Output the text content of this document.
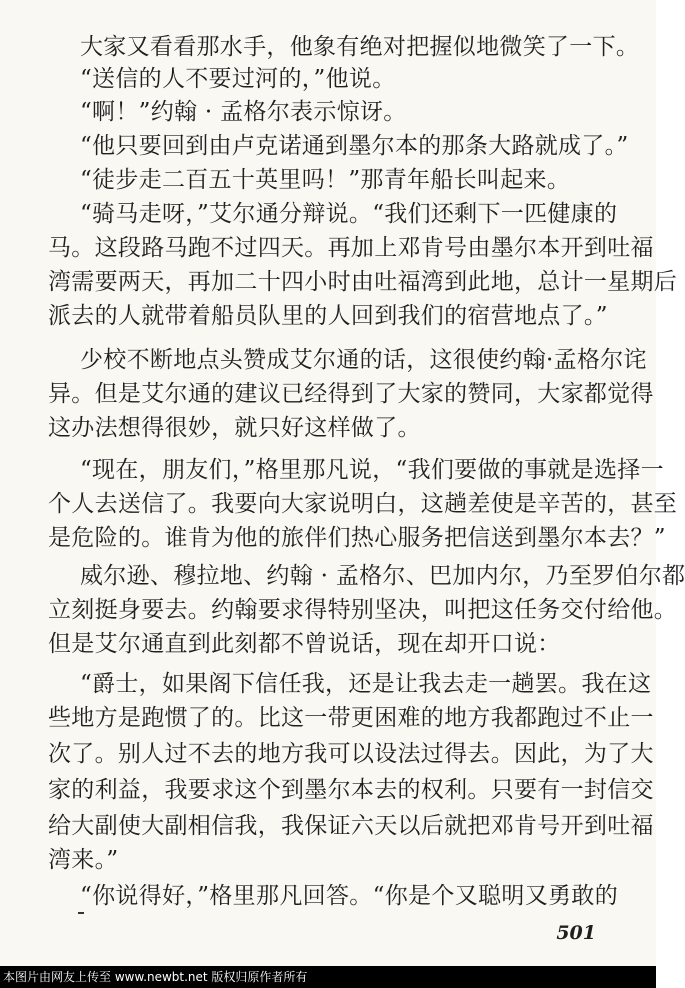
大家又看看那水手，他象有绝对把握似地微笑了一下。
“送信的人不要过河的，”他说。
“啊！”约翰 · 孟格尔表示惊讶。
“他只要回到由卢克诺通到墨尔本的那条大路就成了。”
“徒步走二百五十英里吗！”那青年船长叫起来。
“骑马走呀，”艾尔通分辩说。“我们还剩下一匹健康的
马。这段路马跑不过四天。再加上邓肯号由墨尔本开到吐福
湾需要两天，再加二十四小时由吐福湾到此地，总计一星期后
派去的人就带着船员队里的人回到我们的宿营地点了。”
少校不断地点头赞成艾尔通的话，这很使约翰·孟格尔诧
异。但是艾尔通的建议已经得到了大家的赞同，大家都觉得
这办法想得很妙，就只好这样做了。
“现在，朋友们，”格里那凡说，“我们要做的事就是选择一
个人去送信了。我要向大家说明白，这趟差使是辛苦的，甚至
是危险的。谁肯为他的旅伴们热心服务把信送到墨尔本去？”
威尔逊、穆拉地、约翰 · 孟格尔、巴加内尔，乃至罗伯尔都
立刻挺身要去。约翰要求得特别坚决，叫把这任务交付给他。
但是艾尔通直到此刻都不曾说话，现在却开口说：
“爵士，如果阁下信任我，还是让我去走一趟罢。我在这
些地方是跑惯了的。比这一带更困难的地方我都跑过不止一
次了。别人过不去的地方我可以设法过得去。因此，为了大
家的利益，我要求这个到墨尔本去的权利。只要有一封信交
给大副使大副相信我，我保证六天以后就把邓肯号开到吐福
湾来。”
“你说得好，”格里那凡回答。“你是个又聪明又勇敢的
501
本图片由网友上传至 www.newbt.net 版权归原作者所有
